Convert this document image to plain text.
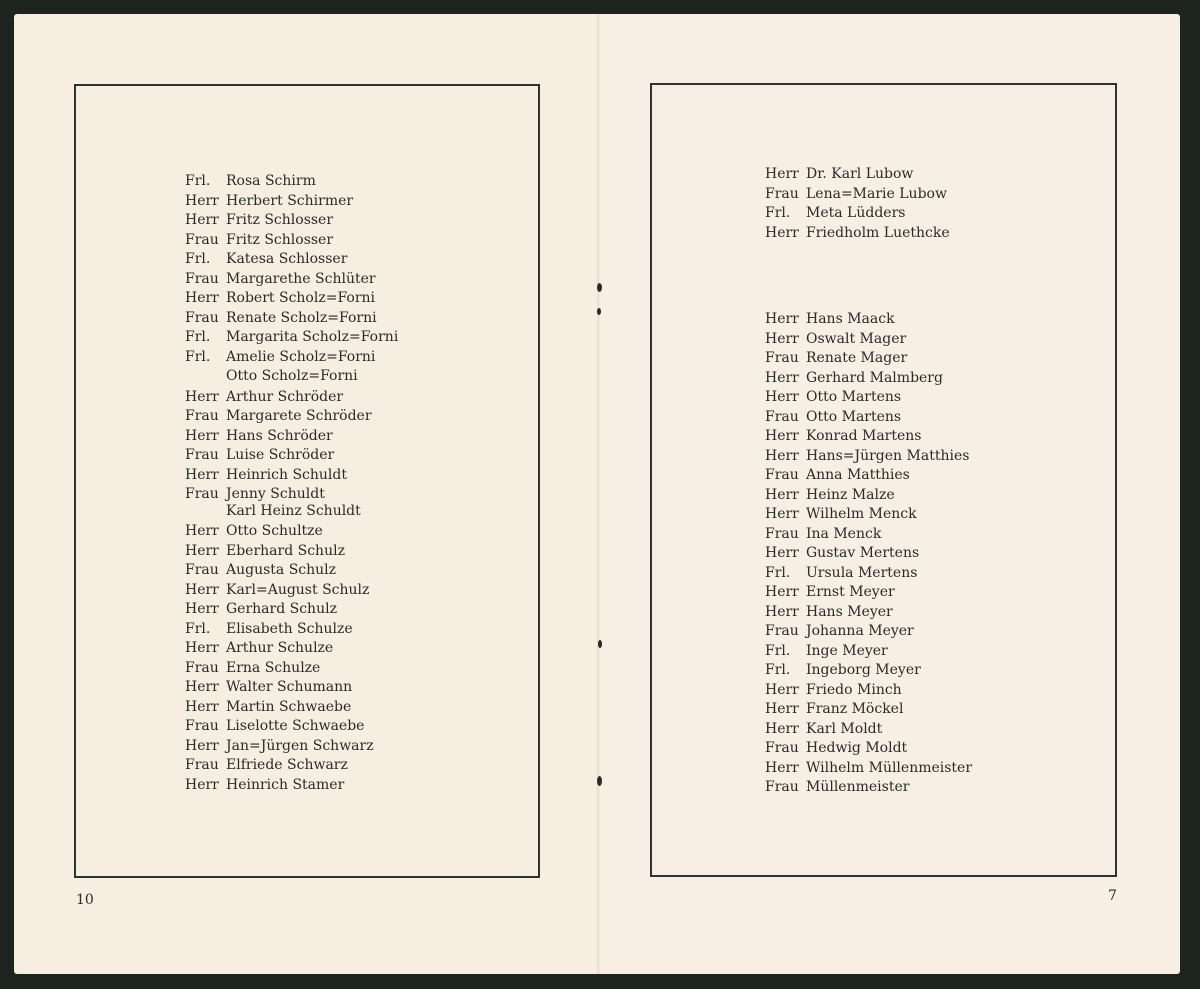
Frl. Rosa Schirm
Herr Herbert Schirmer
Herr Fritz Schlosser
Frau Fritz Schlosser
Frl. Katesa Schlosser
Frau Margarethe Schlüter
Herr Robert Scholz=Forni
Frau Renate Scholz=Forni
Frl. Margarita Scholz=Forni
Frl. Amelie Scholz=Forni
Otto Scholz=Forni
Herr Arthur Schröder
Frau Margarete Schröder
Herr Hans Schröder
Frau Luise Schröder
Herr Heinrich Schuldt
Frau Jenny Schuldt
Karl Heinz Schuldt
Herr Otto Schultze
Herr Eberhard Schulz
Frau Augusta Schulz
Herr Karl=August Schulz
Herr Gerhard Schulz
Frl. Elisabeth Schulze
Herr Arthur Schulze
Frau Erna Schulze
Herr Walter Schumann
Herr Martin Schwaebe
Frau Liselotte Schwaebe
Herr Jan=Jürgen Schwarz
Frau Elfriede Schwarz
Herr Heinrich Stamer
10
Herr Dr. Karl Lubow
Frau Lena=Marie Lubow
Frl. Meta Lüdders
Herr Friedholm Luethcke
Herr Hans Maack
Herr Oswalt Mager
Frau Renate Mager
Herr Gerhard Malmberg
Herr Otto Martens
Frau Otto Martens
Herr Konrad Martens
Herr Hans=Jürgen Matthies
Frau Anna Matthies
Herr Heinz Malze
Herr Wilhelm Menck
Frau Ina Menck
Herr Gustav Mertens
Frl. Ursula Mertens
Herr Ernst Meyer
Herr Hans Meyer
Frau Johanna Meyer
Frl. Inge Meyer
Frl. Ingeborg Meyer
Herr Friedo Minch
Herr Franz Möckel
Herr Karl Moldt
Frau Hedwig Moldt
Herr Wilhelm Müllenmeister
Frau Müllenmeister
7
